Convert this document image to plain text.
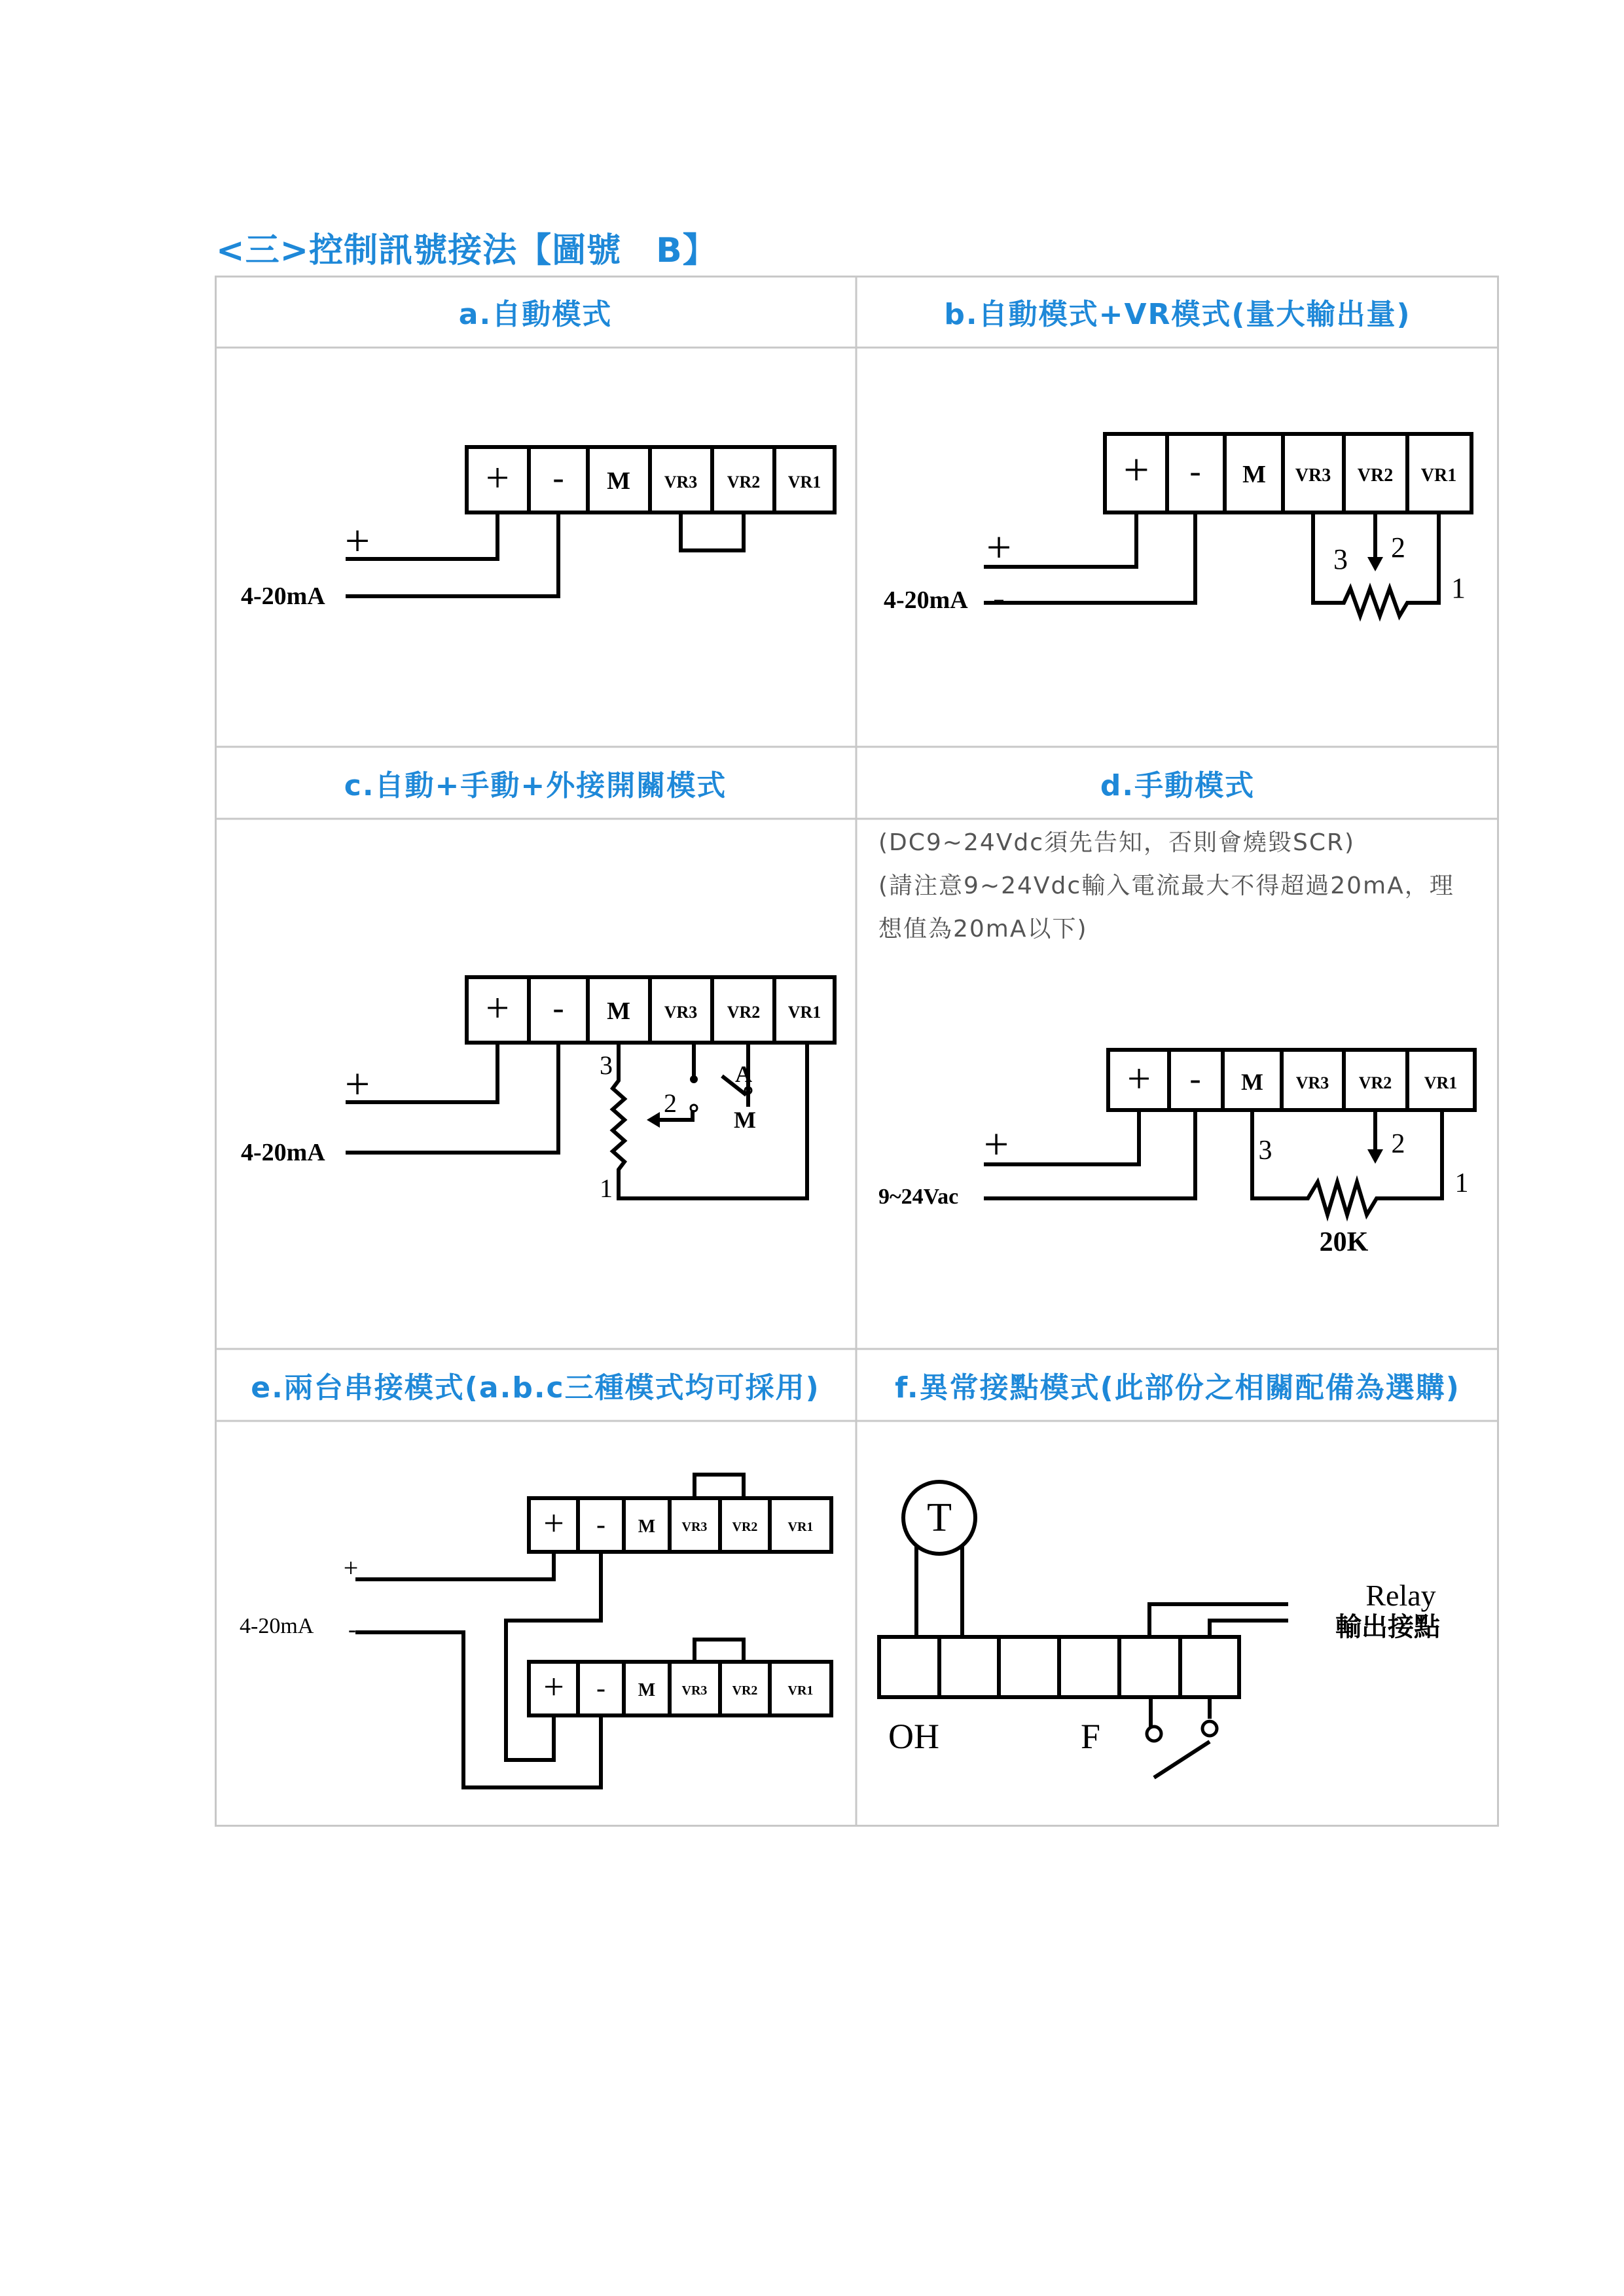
<三>控制訊號接法【圖號　B】
a.自動模式	b.自動模式+VR模式(量大輸出量)
c.自動+手動+外接開關模式	d.手動模式
e.兩台串接模式(a.b.c三種模式均可採用)	f.異常接點模式(此部份之相關配備為選購)
(DC9~24Vdc須先告知，否則會燒毀SCR)
(請注意9~24Vdc輸入電流最大不得超過20mA，理
想值為20mA以下)
+ - M VR3 VR2 VR1
+
-
4-20mA
+ - M VR3 VR2 VR1
3 2
1
+
-
4-20mA
+ - M VR3 VR2 VR1
3
2
1
A
M
+
-
4-20mA
+ - M VR3 VR2 VR1
3	2
1
20K
+
-
9~24Vac
+ - M VR3 VR2 VR1
+ - M VR3 VR2 VR1
+
-
4-20mA
T
OH	F
Relay
輸出接點
